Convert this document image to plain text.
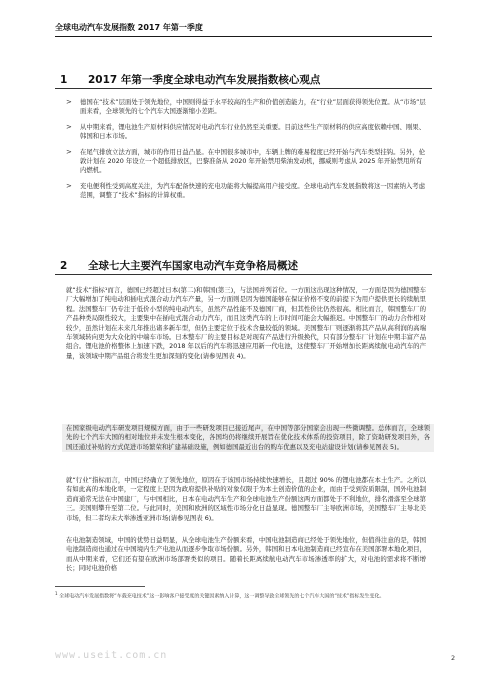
全球电动汽车发展指数 2017 年第一季度
1 2017 年第一季度全球电动汽车发展指数核心观点
> 德国在“技术”层面处于领先地位，中国则得益于水平较高的生产和价值创造能力，在“行业”层面获得领先位置。从“市场”层面来看，全球领先的七个汽车大国逐渐缩小差距。
> 从中期来看，锂电池生产原材料供应情况对电动汽车行业仍然至关重要。目前这些生产原材料的供应高度依赖中国、刚果、韩国和日本市场。
> 在尾气排放立法方面，城市的作用日益凸显。在中国很多城市中，车辆上牌的难易程度已经开始与汽车类型挂钩。另外，伦敦计划在 2020 年设立一个超低排放区，巴黎准备从 2020 年开始禁用柴油发动机，挪威则考虑从 2025 年开始禁用所有内燃机。
> 充电便利性受到高度关注，为汽车配备快速的充电功能将大幅提高用户接受度。全球电动汽车发展指数将这一因素纳入考虑范围，调整了“技术”指标的计算权重。
2 全球七大主要汽车国家电动汽车竞争格局概述
就“技术”指标¹而言，德国已经超过日本(第二)和韩国(第三)，与法国并列首位。一方面这出现这种情况，一方面是因为德国整车厂大幅增加了纯电动和插电式混合动力汽车产量，另一方面则是因为德国能够在保证价格不变的前提下为用户提供更长的续航里程。法国整车厂仍专注于低价小型的纯电动汽车，虽然产品性能不及德国厂商，但其性价比仍然很高。相比而言，韩国整车厂的产品种类局限性较大，主要集中在插电式混合动力汽车，而且这类汽车的上市时间可能会大幅推迟。中国整车厂的动力合作相对较少，虽然计划在未来几年推出诸多新车型，但仍主要定位于技术含量较低的领域。美国整车厂则逐渐将其产品从高利润的高端车领域转向更为大众化的中端车市场。日本整车厂的主要目标是对现有产品进行升级换代，只有部分整车厂计划在中期丰富产品组合。锂电池价格整体上加速下跌，2018 年以后的汽车将迅速应用新一代电池，这使整车厂开始增加长距离续航电动汽车的产量，该领域中期产品组合将发生更加深刻的变化(请参见图表 4)。
在国家级电动汽车研发项目规模方面，由于一些研发项目已接近尾声，在中国等部分国家会出现一些微调整。总体而言，全球领先的七个汽车大国的相对地位并未发生根本变化，各国均仍将继续开展旨在优化技术体系的投资项目，除了资助研发项目外，各国还通过补贴的方式促进市场繁荣和扩建基础设施，例如德国最近出台的购车优惠以及充电站建设计划(请参见图表 5)。
就“行业”指标而言，中国已经确立了领先地位，原因在于该国市场持续快速增长，且超过 90% 的锂电池都在本土生产。之所以有如此高的本地化率，一定程度上是因为政府提供补贴的对象仅限于为本土创造价值的企业，而由于受到资质限制，国外电池制造商通常无法在中国建厂，与中国相比，日本在电动汽车生产和全球电池生产份额这两方面都处于不利地位，排名滑落至全球第三。美国则攀升至第二位。与此同时，美国和欧洲的区域性市场分化日益显现。德国整车厂主导欧洲市场，美国整车厂主导北美市场，但二者均未大举渗透亚洲市场(请参见图表 6)。
在电池制造领域，中国的优势日益明显，从全球电池生产份额来看，中国电池制造商已经处于领先地位，但值得注意的是，韩国电池制造商也通过在中国境内生产电池从而逐步争取市场份额。另外，韩国和日本电池制造商已经宣布在美国部署本地化项目，而从中期来看，它们还有望在欧洲市场部署类似的项目。随着长距离续航电动汽车市场渗透率的扩大，对电池的需求将不断增长；同时电池价格
$^1$ 全球电动汽车发展指数将“车载充电技术”这一影响客户接受度的关键因素纳入计算，这一调整导致全球领先的七个汽车大国的“技术”指标发生变化。
www.useit.com.cn	2
